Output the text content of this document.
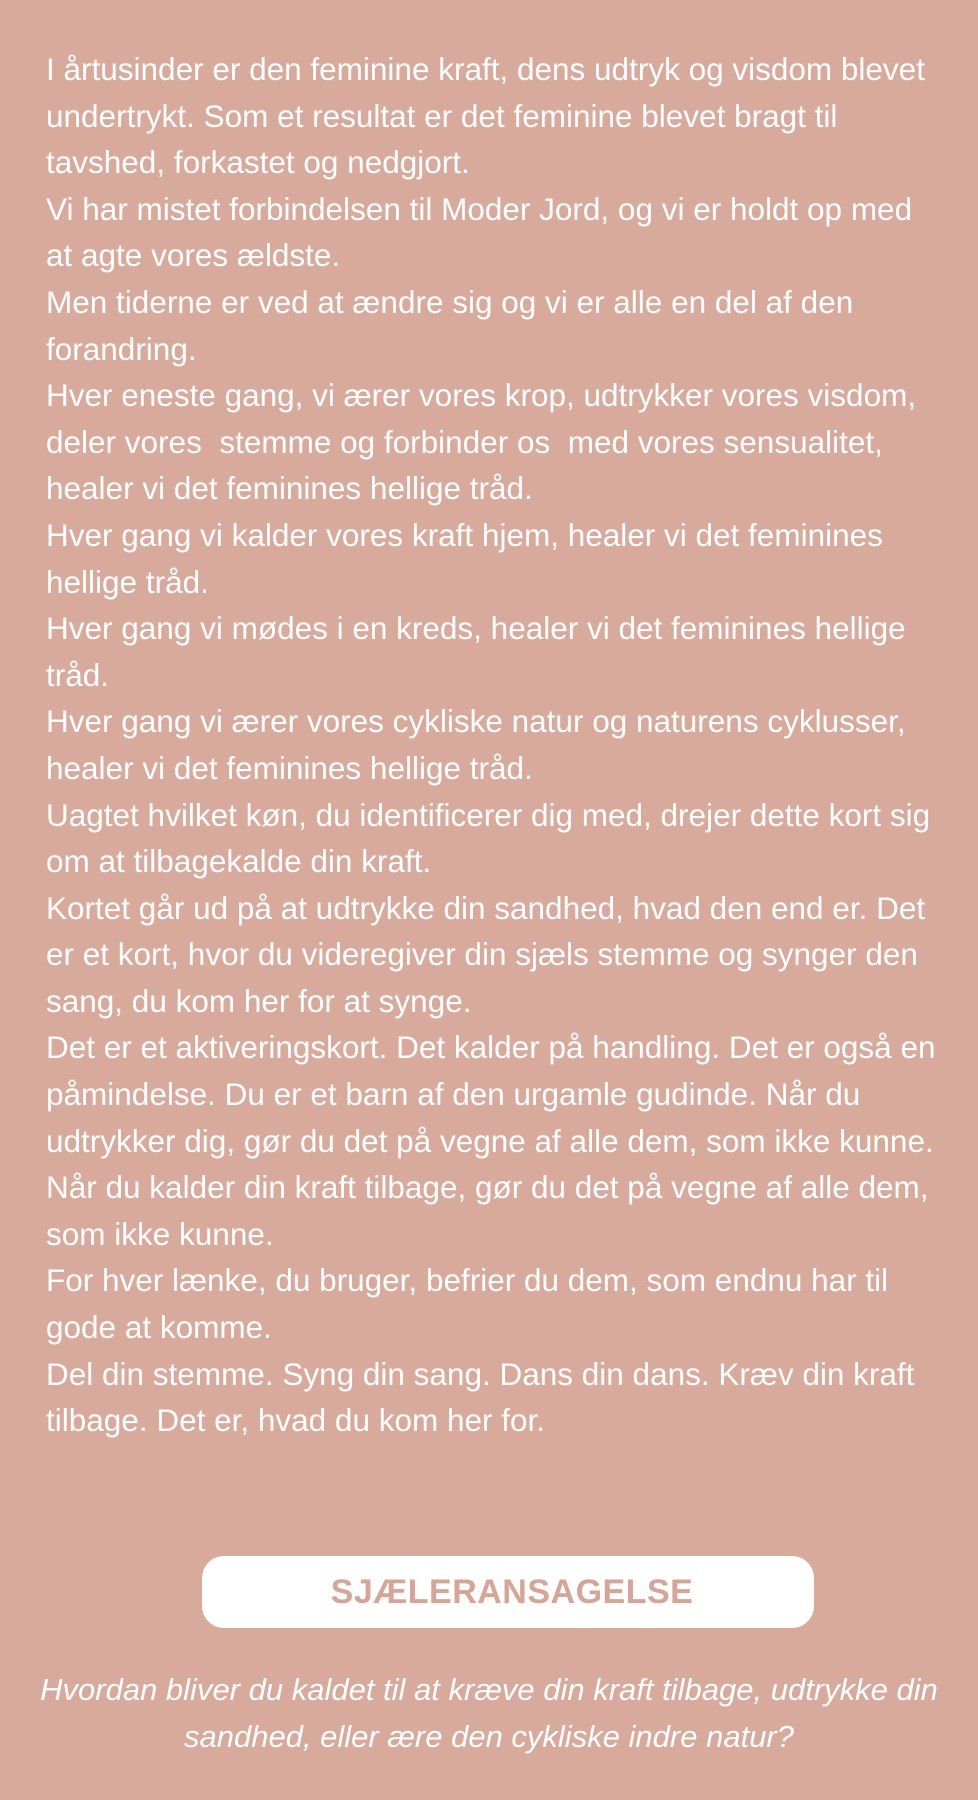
I årtusinder er den feminine kraft, dens udtryk og visdom blevet undertrykt. Som et resultat er det feminine blevet bragt til tavshed, forkastet og nedgjort.

Vi har mistet forbindelsen til Moder Jord, og vi er holdt op med at agte vores ældste.

Men tiderne er ved at ændre sig og vi er alle en del af den forandring.

Hver eneste gang, vi ærer vores krop, udtrykker vores visdom, deler vores  stemme og forbinder os  med vores sensualitet, healer vi det feminines hellige tråd.

Hver gang vi kalder vores kraft hjem, healer vi det feminines hellige tråd.

Hver gang vi mødes i en kreds, healer vi det feminines hellige tråd.

Hver gang vi ærer vores cykliske natur og naturens cyklusser, healer vi det feminines hellige tråd.

Uagtet hvilket køn, du identificerer dig med, drejer dette kort sig om at tilbagekalde din kraft.

Kortet går ud på at udtrykke din sandhed, hvad den end er. Det er et kort, hvor du videregiver din sjæls stemme og synger den sang, du kom her for at synge.

Det er et aktiveringskort. Det kalder på handling. Det er også en påmindelse. Du er et barn af den urgamle gudinde. Når du udtrykker dig, gør du det på vegne af alle dem, som ikke kunne.

Når du kalder din kraft tilbage, gør du det på vegne af alle dem, som ikke kunne.

For hver lænke, du bruger, befrier du dem, som endnu har til gode at komme.

Del din stemme. Syng din sang. Dans din dans. Kræv din kraft tilbage. Det er, hvad du kom her for.

SJÆLERANSAGELSE

Hvordan bliver du kaldet til at kræve din kraft tilbage, udtrykke din sandhed, eller ære den cykliske indre natur?
